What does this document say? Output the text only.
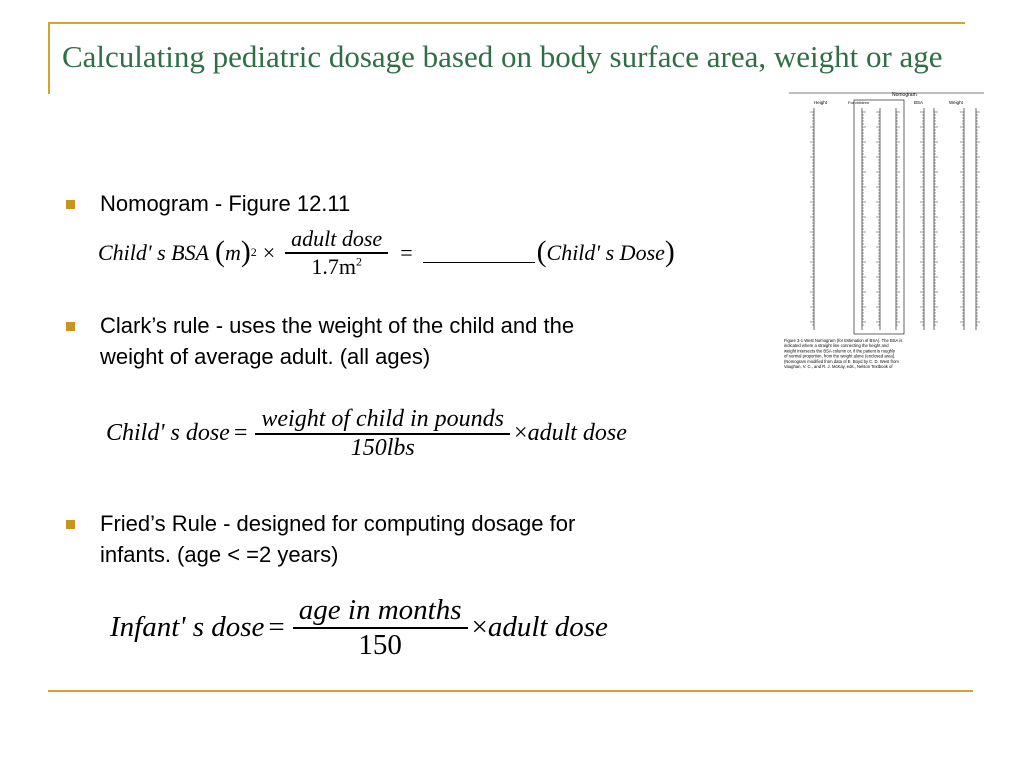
Calculating pediatric dosage based on body surface area, weight or age
Nomogram - Figure 12.11
Child' s BSA ( m ) $2 \times \frac{\text{adult dose}}{1.7m^2}$ =	( Child' s Dose )
Clark’s rule - uses the weight of the child and the weight of average adult. (all ages)
Child' s dose = $\frac{\text{weight of child in pounds}}{\text{150lbs}}$ × adult dose
Fried’s Rule - designed for computing dosage for infants. (age < =2 years)
Infant' s dose = $\frac{\text{age in months}}{150}$ × adult dose
Nomogram
Height	For children	BSA	Weight
Figure 3-1 West Nomogram (for Estimation of BSA). The BSA is indicated where a straight line connecting the height and weight intersects the BSA column or, if the patient is roughly of normal proportion, from the weight alone (enclosed area). (Nomogram modified from data of E. Boyd by C. D. West from Vaughan, V. C., and R. J. McKay, eds., Nelson Textbook of
